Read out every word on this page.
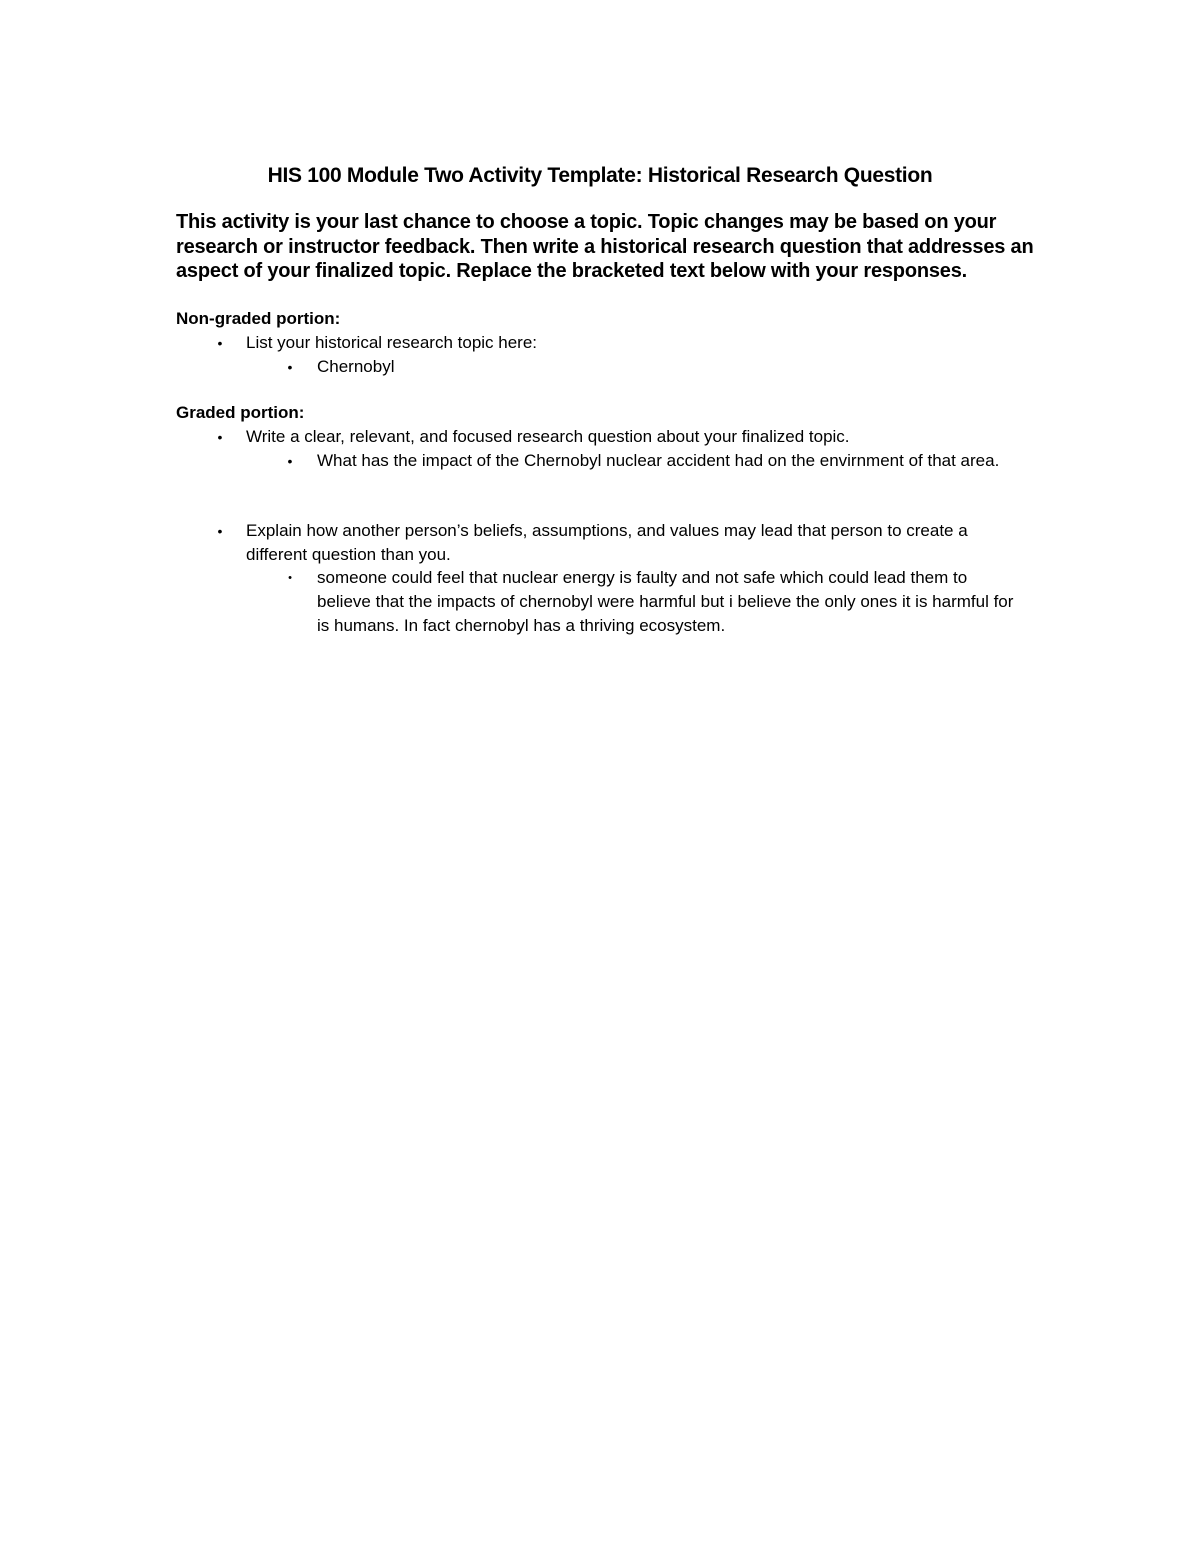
HIS 100 Module Two Activity Template: Historical Research Question

This activity is your last chance to choose a topic. Topic changes may be based on your research or instructor feedback. Then write a historical research question that addresses an aspect of your finalized topic. Replace the bracketed text below with your responses.

Non-graded portion:

• List your historical research topic here:

• Chernobyl

Graded portion:

• Write a clear, relevant, and focused research question about your finalized topic.

• What has the impact of the Chernobyl nuclear accident had on the envirnment of that area.

• Explain how another person’s beliefs, assumptions, and values may lead that person to create a different question than you.

• someone could feel that nuclear energy is faulty and not safe which could lead them to believe that the impacts of chernobyl were harmful but i believe the only ones it is harmful for is humans. In fact chernobyl has a thriving ecosystem.
